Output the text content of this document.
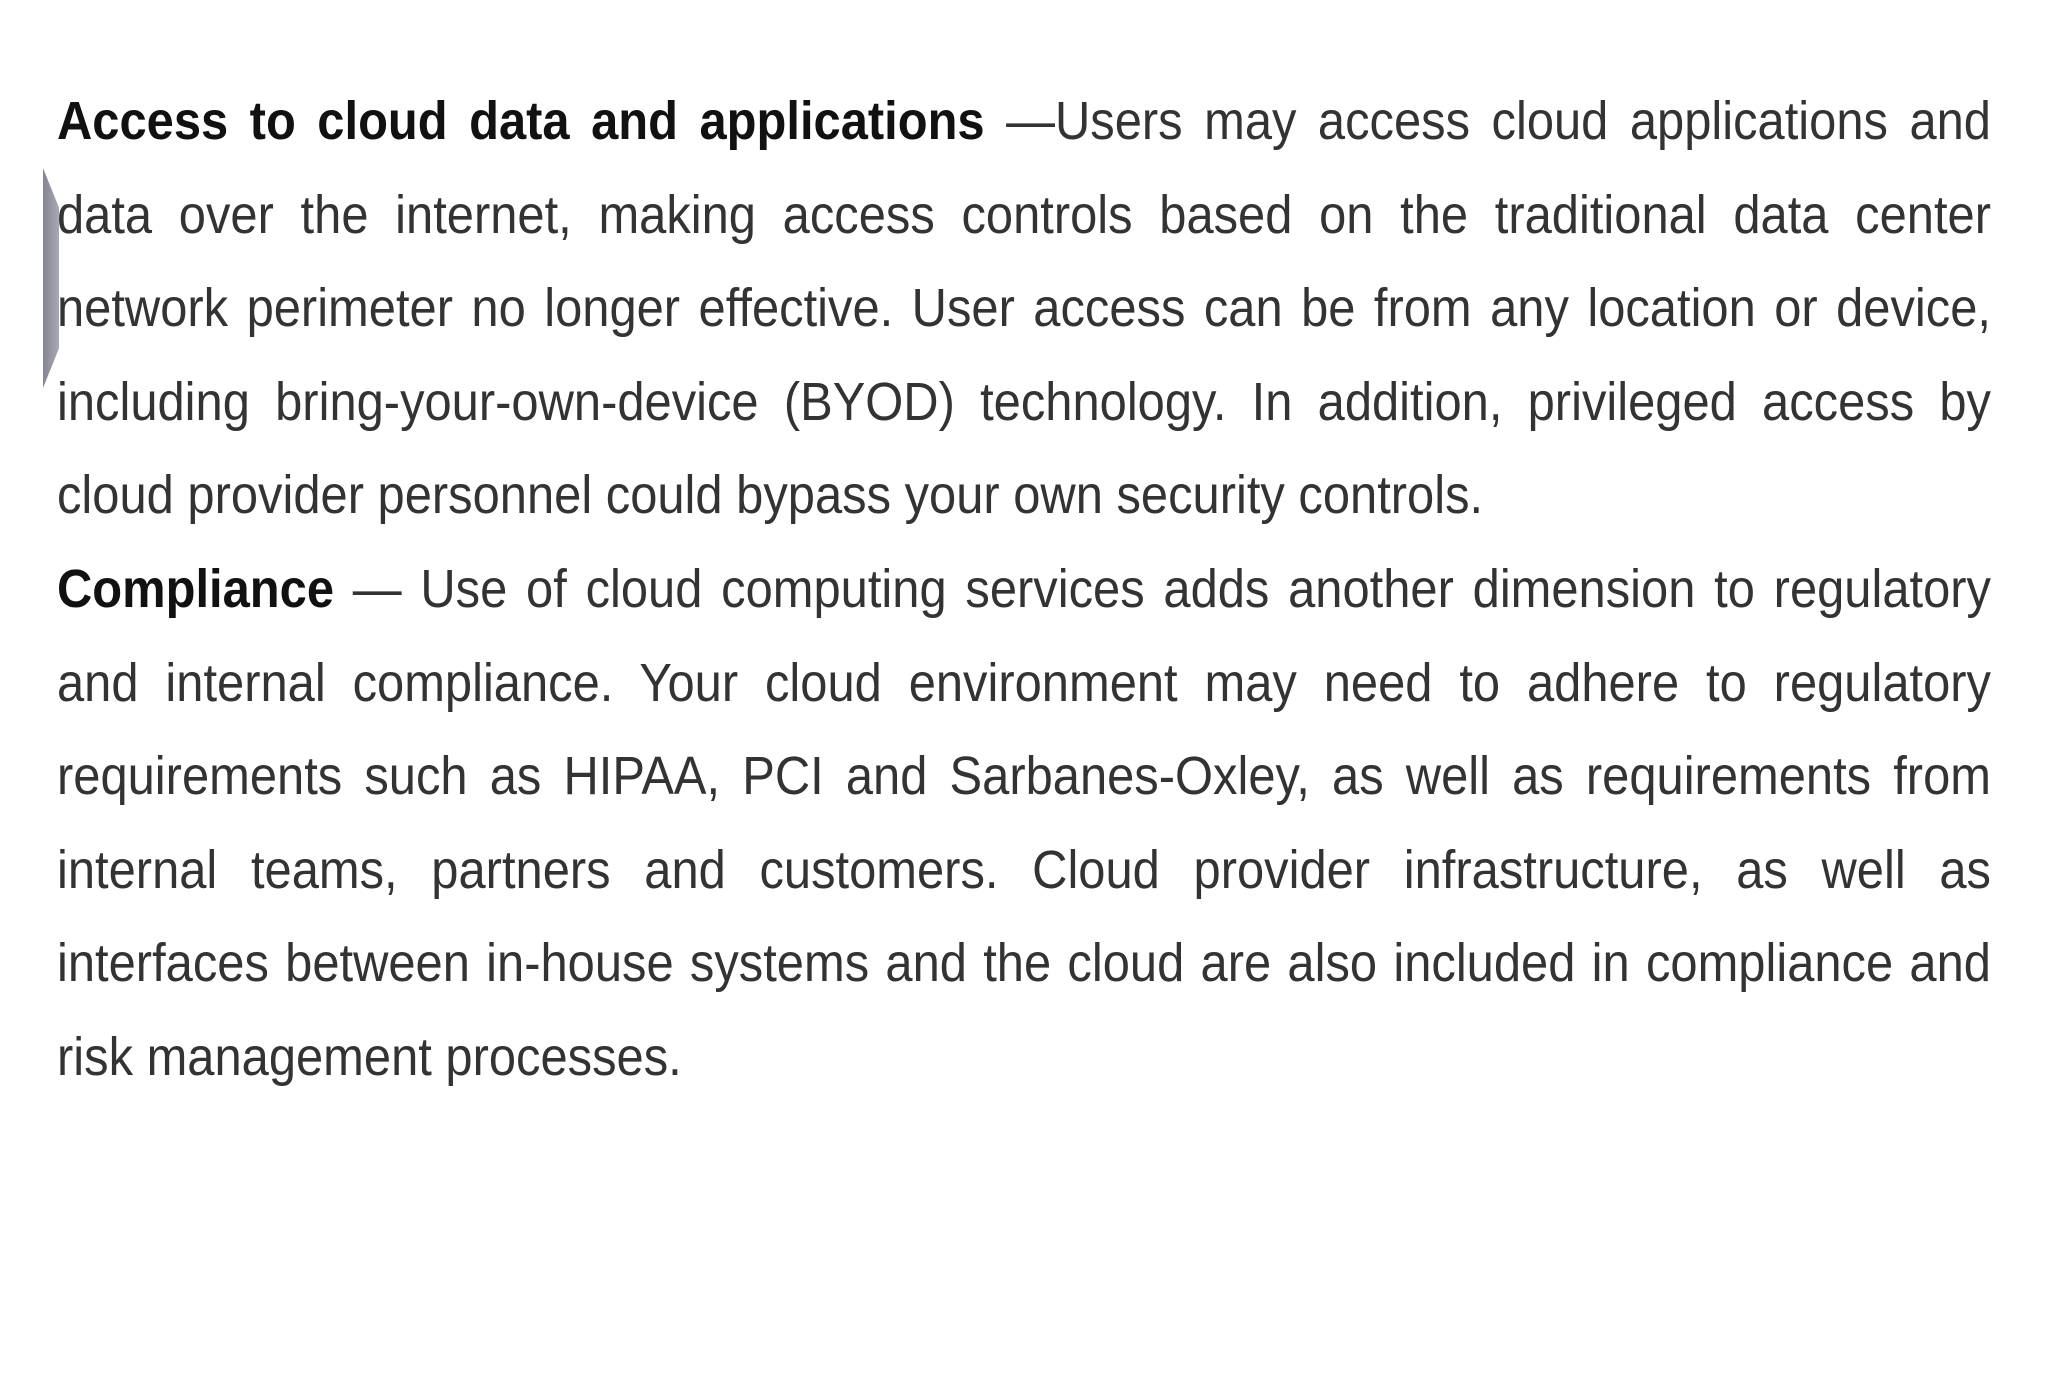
Access to cloud data and applications —Users may access cloud applications and data over the internet, making access controls based on the traditional data center network perimeter no longer effective. User access can be from any location or device, including bring-your-own-device (BYOD) technology. In addition, privileged access by cloud provider personnel could bypass your own security controls.

Compliance — Use of cloud computing services adds another dimension to regulatory and internal compliance. Your cloud environment may need to adhere to regulatory requirements such as HIPAA, PCI and Sarbanes-Oxley, as well as requirements from internal teams, partners and customers. Cloud provider infrastructure, as well as interfaces between in-house systems and the cloud are also included in compliance and risk management processes.
